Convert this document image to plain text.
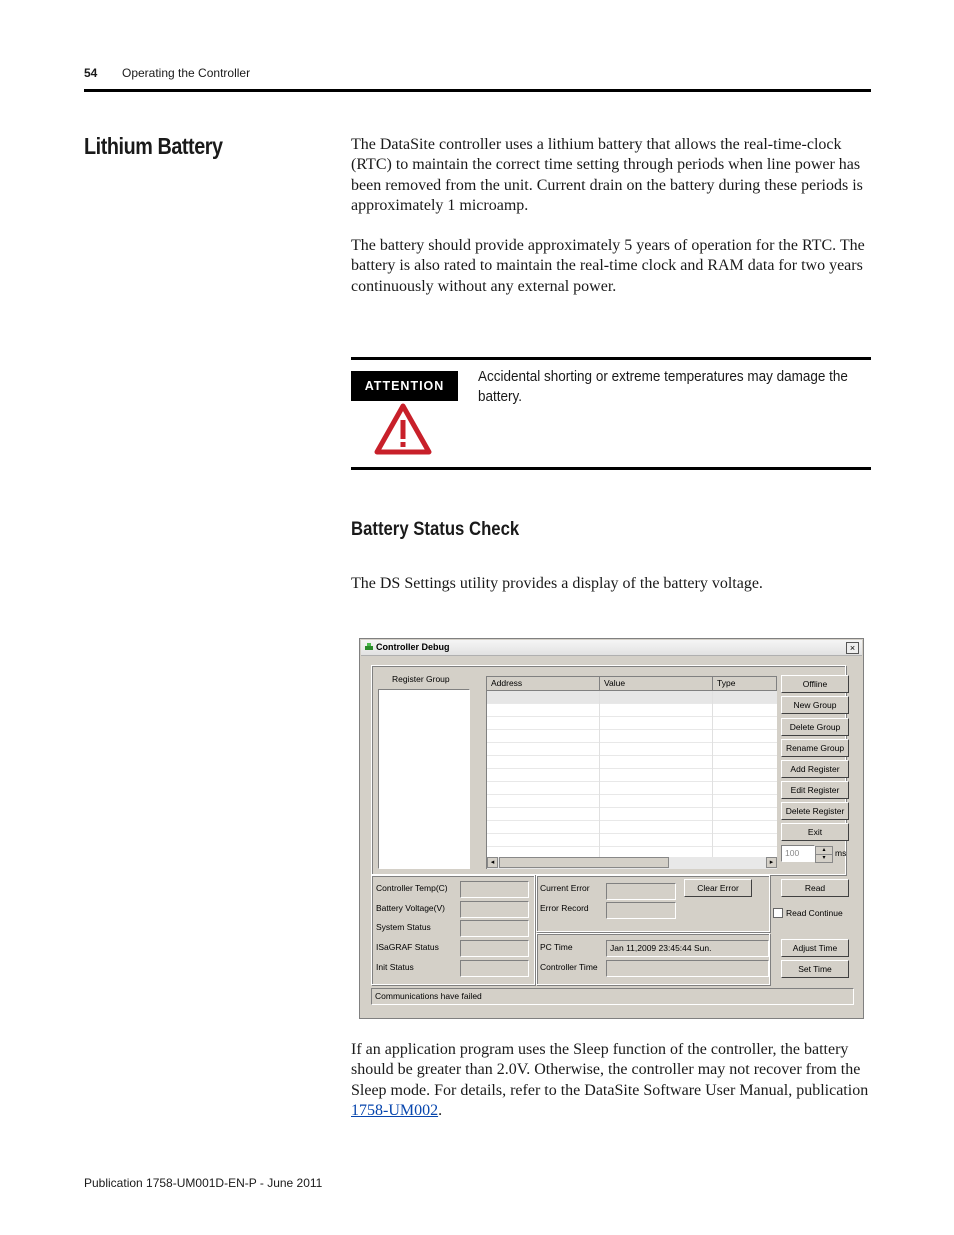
54 Operating the Controller
Lithium Battery	The DataSite controller uses a lithium battery that allows the real-time-clock (RTC) to maintain the correct time setting through periods when line power has been removed from the unit. Current drain on the battery during these periods is approximately 1 microamp.
The battery should provide approximately 5 years of operation for the RTC. The battery is also rated to maintain the real-time clock and RAM data for two years continuously without any external power.
ATTENTION
Accidental shorting or extreme temperatures may damage the battery.
Battery Status Check
The DS Settings utility provides a display of the battery voltage.
Controller Debug	×
Register Group	Address	Value	Type
◂	▸
Offline
New Group
Delete Group
Rename Group
Add Register
Edit Register
Delete Register
Exit
100	▴
▾	ms
Controller Temp(C)
Battery Voltage(V)
System Status
ISaGRAF Status
Init Status
Current Error
Error Record
Clear Error	Read
Read Continue
PC Time
Controller Time
Jan 11,2009 23:45:44 Sun.	Adjust Time
Set Time
Communications have failed
If an application program uses the Sleep function of the controller, the battery should be greater than 2.0V. Otherwise, the controller may not recover from the Sleep mode. For details, refer to the DataSite Software User Manual, publication 1758-UM002.
Publication 1758-UM001D-EN-P - June 2011
